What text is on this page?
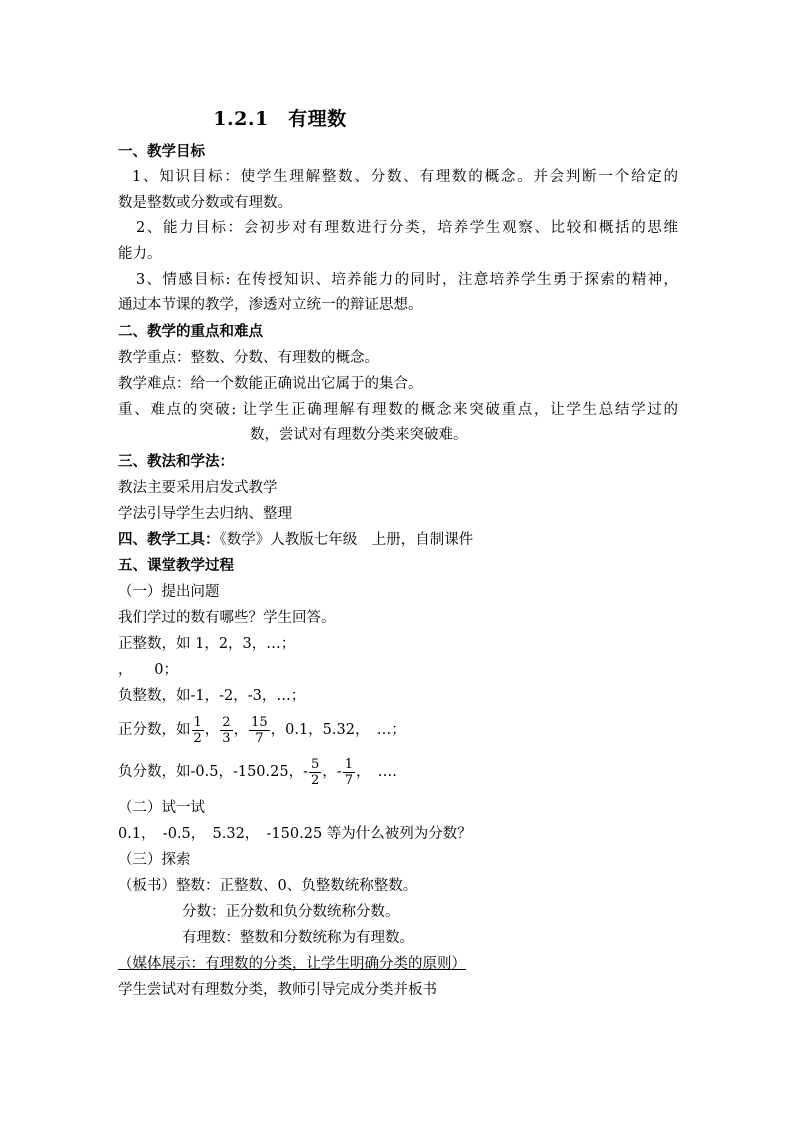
1.2.1　有理数
一、教学目标
1、知识目标：使学生理解整数、分数、有理数的概念。并会判断一个给定的
数是整数或分数或有理数。
2、能力目标：会初步对有理数进行分类，培养学生观察、比较和概括的思维
能力。
3、情感目标: 在传授知识、培养能力的同时，注意培养学生勇于探索的精神，
通过本节课的教学，渗透对立统一的辩证思想。
二、教学的重点和难点
教学重点：整数、分数、有理数的概念。
教学难点：给一个数能正确说出它属于的集合。
重、难点的突破: 让学生正确理解有理数的概念来突破重点，让学生总结学过的
数，尝试对有理数分类来突破难。
三、教法和学法：
教法主要采用启发式教学
学法引导学生去归纳、整理
四、教学工具：《数学》人教版七年级　上册，自制课件
五、课堂教学过程
（一）提出问题
我们学过的数有哪些？学生回答。
正整数，如 1，2，3，…；
，　　0；
负整数，如-1，-2，-3，…；
正分数，如 $\frac{1}{2}$ ， $\frac{2}{3}$ ， $\frac{15}{7}$ ，0.1，5.32，　…；
负分数，如-0.5，-150.25，- $\frac{5}{2}$ ，- $\frac{1}{7}$ ，　….
（二）试一试
0.1，　-0.5，　5.32，　-150.25 等为什么被列为分数？
（三）探索
（板书）整数：正整数、0、负整数统称整数。
分数：正分数和负分数统称分数。
有理数：整数和分数统称为有理数。
（媒体展示：有理数的分类，让学生明确分类的原则）
学生尝试对有理数分类，教师引导完成分类并板书
